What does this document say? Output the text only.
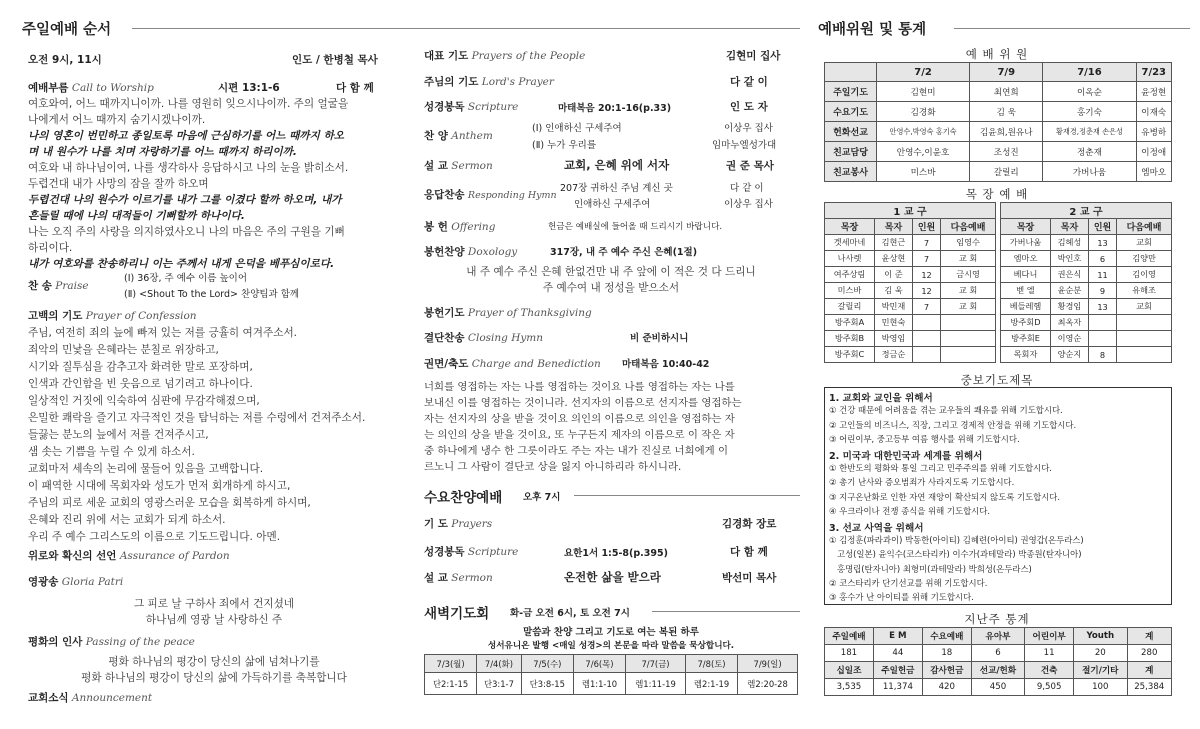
주일예배 순서
오전 9시, 11시	인도 / 한병철 목사
예배부름 Call to Worship	시편 13:1-6	다 함 께
여호와여, 어느 때까지니이까. 나를 영원히 잊으시나이까. 주의 얼굴을
나에게서 어느 때까지 숨기시겠나이까.
나의 영혼이 번민하고 종일토록 마음에 근심하기를 어느 때까지 하오
며 내 원수가 나를 치며 자랑하기를 어느 때까지 하리이까.
여호와 내 하나님이여, 나를 생각하사 응답하시고 나의 눈을 밝히소서.
두렵건대 내가 사망의 잠을 잘까 하오며
두렵건대 나의 원수가 이르기를 내가 그를 이겼다 할까 하오며, 내가
흔들릴 때에 나의 대적들이 기뻐할까 하나이다.
나는 오직 주의 사랑을 의지하였사오니 나의 마음은 주의 구원을 기뻐
하리이다.
내가 여호와를 찬송하리니 이는 주께서 내게 은덕을 베푸심이로다.
찬 송 Praise
(Ⅰ) 36장, 주 예수 이름 높이어
(Ⅱ) <Shout To the Lord> 찬양팀과 함께
고백의 기도 Prayer of Confession
주님, 여전히 죄의 늪에 빠져 있는 저를 긍휼히 여겨주소서.
죄악의 민낯을 은혜라는 분칠로 위장하고,
시기와 질투심을 감추고자 화려한 말로 포장하며,
인색과 간인함을 빈 웃음으로 넘기려고 하나이다.
일상적인 거짓에 익숙하여 심판에 무감각해졌으며,
은밀한 쾌락을 즐기고 자극적인 것을 탐닉하는 저를 수렁에서 건져주소서.
들끓는 분노의 늪에서 저를 건져주시고,
샘 솟는 기쁨을 누릴 수 있게 하소서.
교회마저 세속의 논리에 물들어 있음을 고백합니다.
이 패역한 시대에 목회자와 성도가 먼저 회개하게 하시고,
주님의 피로 세운 교회의 영광스러운 모습을 회복하게 하시며,
은혜와 진리 위에 서는 교회가 되게 하소서.
우리 주 예수 그리스도의 이름으로 기도드립니다. 아멘.
위로와 확신의 선언 Assurance of Pardon
영광송 Gloria Patri
그 피로 날 구하사 죄에서 건지셨네
하나님께 영광 날 사랑하신 주
평화의 인사 Passing of the peace
평화 하나님의 평강이 당신의 삶에 넘쳐나기를
평화 하나님의 평강이 당신의 삶에 가득하기를 축복합니다
교회소식 Announcement
대표 기도 Prayers of the People	김현미 집사
주님의 기도 Lord's Prayer	다 같 이
성경봉독 Scripture	마태복음 20:1-16(p.33)	인 도 자
찬 양 Anthem
(Ⅰ) 인애하신 구세주여	이상우 집사
(Ⅱ) 누가 우리를	임마누엘성가대
설 교 Sermon	교회, 은혜 위에 서자	권 준 목사
응답찬송 Responding Hymn
207장 귀하신 주님 계신 곳	다 같 이
인애하신 구세주여	이상우 집사
봉 헌 Offering	헌금은 예배실에 들어올 때 드리시기 바랍니다.
봉헌찬양 Doxology	317장, 내 주 예수 주신 은혜(1절)
내 주 예수 주신 은혜 한없건만 내 주 앞에 이 적은 것 다 드리니
주 예수여 내 정성을 받으소서
봉헌기도 Prayer of Thanksgiving
결단찬송 Closing Hymn	비 준비하시니
권면/축도 Charge and Benediction 마태복음 10:40-42
너희를 영접하는 자는 나를 영접하는 것이요 나를 영접하는 자는 나를
보내신 이를 영접하는 것이니라. 선지자의 이름으로 선지자를 영접하는
자는 선지자의 상을 받을 것이요 의인의 이름으로 의인을 영접하는 자
는 의인의 상을 받을 것이요, 또 누구든지 제자의 이름으로 이 작은 자
중 하나에게 냉수 한 그릇이라도 주는 자는 내가 진실로 너희에게 이
르노니 그 사람이 결단코 상을 잃지 아니하리라 하시니라.
수요찬양예배 오후 7시
기 도 Prayers	김경화 장로
성경봉독 Scripture	요한1서 1:5-8(p.395)	다 함 께
설 교 Sermon	온전한 삶을 받으라	박선미 목사
새벽기도회 화-금 오전 6시, 토 오전 7시
말씀과 찬양 그리고 기도로 여는 복된 하루
성서유니온 발행 <매일 성경>의 본문을 따라 말씀을 묵상합니다.
7/3(월)	7/4(화)	7/5(수)	7/6(목)	7/7(금)	7/8(토)	7/9(일)
단2:1-15	단3:1-7	단3:8-15	렘1:1-10	렘1:11-19	렘2:1-19	렘2:20-28
예배위원 및 통계
예 배 위 원
	7/2	7/9	7/16	7/23
주일기도	김현미	최연희	이옥순	윤정현
수요기도	김경화	김 욱	홍기숙	이재숙
헌화선교	안영수,박영숙 홍기숙	김윤희,원유나	황재경,정춘재 손은성	유병하
친교담당	안영수,이윤호	조성진	정춘재	이정애
친교봉사	미스바	갈릴리	가버나움	엠마오
목 장 예 배
1 교 구			
목장	목자	인원	다음예배
겟세마네	김현근	7	임영수
나사렛	윤상현	7	교 회
여주상림	이 준	12	금시영
미스바	김 욱	12	교 회
갈릴리	박민재	7	교 회
방주회A	민현숙		
방주회B	박영임		
방주회C	정금순		
2 교 구			
목장	목자	인원	다음예배
가버나움	김헤성	13	교회
엠마오	박인호	6	김양만
베다니	권은식	11	김이영
벧 엘	윤순분	9	유해조
베들레헴	황경임	13	교회
방주회D	최옥자		
방주회E	이영순		
목회자	양순지	8	
중보기도제목
1. 교회와 교인을 위해서
① 건강 때문에 어려움을 겪는 교우들의 쾌유를 위해 기도합시다.
② 고인들의 비즈니스, 직장, 그리고 경제적 안정을 위해 기도합시다.
③ 어린이부, 중고등부 여름 행사를 위해 기도합시다.
2. 미국과 대한민국과 세계를 위해서
① 한반도의 평화와 통일 그리고 민주주의를 위해 기도합시다.
② 총기 난사와 증오범죄가 사라지도록 기도합시다.
③ 지구온난화로 인한 자연 재앙이 확산되지 않도록 기도합시다.
④ 우크라이나 전쟁 종식을 위해 기도합시다.
3. 선교 사역을 위해서
① 김정훈(파라과이) 박동한(아이티) 김혜련(아이티) 권영갑(온두라스)
고성(일본) 윤익수(코스타리카) 이수가(과테말라) 박종원(탄자니아)
홍명립(탄자니아) 최형미(과테말라) 박희성(온두라스)
② 코스타리카 단기선교를 위해 기도합시다.
③ 홍수가 난 아이티를 위해 기도합시다.
지난주 통계
주일예배	E M	수요예배	유아부	어린이부	Youth	계
181	44	18	6	11	20	280
십일조	주일헌금	감사헌금	선교/헌화	건축	절기/기타	계
3,535	11,374	420	450	9,505	100	25,384
